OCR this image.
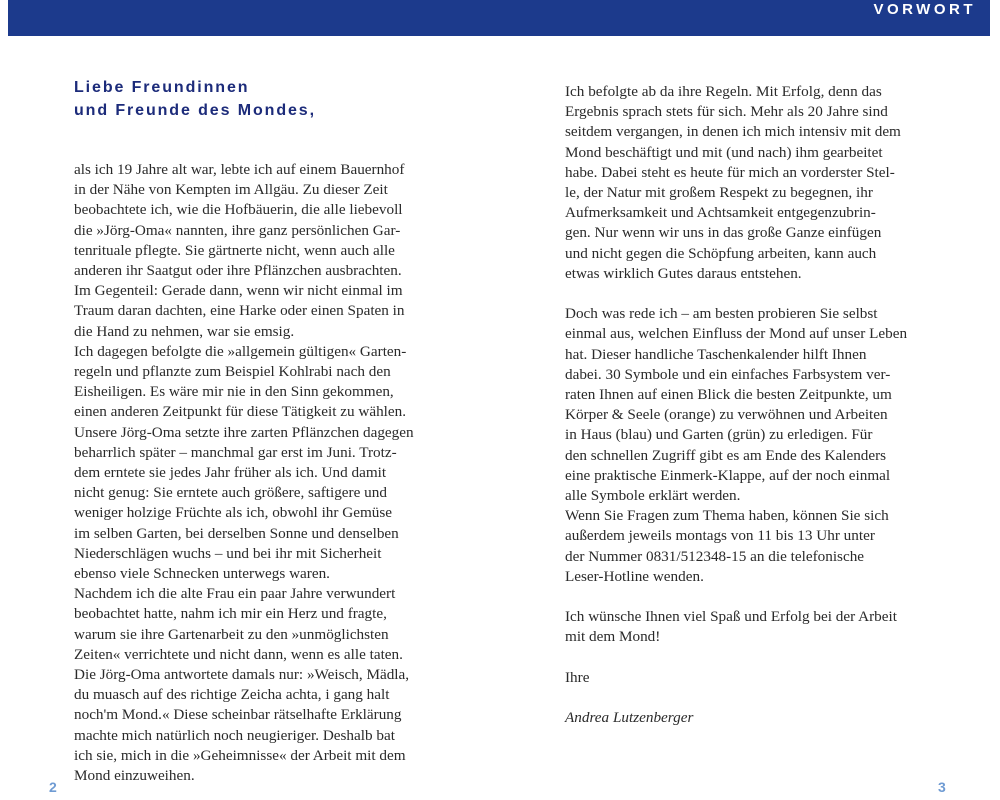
VORWORT
Liebe Freundinnen
und Freunde des Mondes,
als ich 19 Jahre alt war, lebte ich auf einem Bauernhof
in der Nähe von Kempten im Allgäu. Zu dieser Zeit
beobachtete ich, wie die Hofbäuerin, die alle liebevoll
die »Jörg-Oma« nannten, ihre ganz persönlichen Gar-
tenrituale pflegte. Sie gärtnerte nicht, wenn auch alle
anderen ihr Saatgut oder ihre Pflänzchen ausbrachten.
Im Gegenteil: Gerade dann, wenn wir nicht einmal im
Traum daran dachten, eine Harke oder einen Spaten in
die Hand zu nehmen, war sie emsig.
Ich dagegen befolgte die »allgemein gültigen« Garten-
regeln und pflanzte zum Beispiel Kohlrabi nach den
Eisheiligen. Es wäre mir nie in den Sinn gekommen,
einen anderen Zeitpunkt für diese Tätigkeit zu wählen.
Unsere Jörg-Oma setzte ihre zarten Pflänzchen dagegen
beharrlich später – manchmal gar erst im Juni. Trotz-
dem erntete sie jedes Jahr früher als ich. Und damit
nicht genug: Sie erntete auch größere, saftigere und
weniger holzige Früchte als ich, obwohl ihr Gemüse
im selben Garten, bei derselben Sonne und denselben
Niederschlägen wuchs – und bei ihr mit Sicherheit
ebenso viele Schnecken unterwegs waren.
Nachdem ich die alte Frau ein paar Jahre verwundert
beobachtet hatte, nahm ich mir ein Herz und fragte,
warum sie ihre Gartenarbeit zu den »unmöglichsten
Zeiten« verrichtete und nicht dann, wenn es alle taten.
Die Jörg-Oma antwortete damals nur: »Weisch, Mädla,
du muasch auf des richtige Zeicha achta, i gang halt
noch'm Mond.« Diese scheinbar rätselhafte Erklärung
machte mich natürlich noch neugieriger. Deshalb bat
ich sie, mich in die »Geheimnisse« der Arbeit mit dem
Mond einzuweihen.
Ich befolgte ab da ihre Regeln. Mit Erfolg, denn das
Ergebnis sprach stets für sich. Mehr als 20 Jahre sind
seitdem vergangen, in denen ich mich intensiv mit dem
Mond beschäftigt und mit (und nach) ihm gearbeitet
habe. Dabei steht es heute für mich an vorderster Stel-
le, der Natur mit großem Respekt zu begegnen, ihr
Aufmerksamkeit und Achtsamkeit entgegenzubrin-
gen. Nur wenn wir uns in das große Ganze einfügen
und nicht gegen die Schöpfung arbeiten, kann auch
etwas wirklich Gutes daraus entstehen.
Doch was rede ich – am besten probieren Sie selbst
einmal aus, welchen Einfluss der Mond auf unser Leben
hat. Dieser handliche Taschenkalender hilft Ihnen
dabei. 30 Symbole und ein einfaches Farbsystem ver-
raten Ihnen auf einen Blick die besten Zeitpunkte, um
Körper & Seele (orange) zu verwöhnen und Arbeiten
in Haus (blau) und Garten (grün) zu erledigen. Für
den schnellen Zugriff gibt es am Ende des Kalenders
eine praktische Einmerk-Klappe, auf der noch einmal
alle Symbole erklärt werden.
Wenn Sie Fragen zum Thema haben, können Sie sich
außerdem jeweils montags von 11 bis 13 Uhr unter
der Nummer 0831/512348-15 an die telefonische
Leser-Hotline wenden.
Ich wünsche Ihnen viel Spaß und Erfolg bei der Arbeit
mit dem Mond!
Ihre
Andrea Lutzenberger
2	3
